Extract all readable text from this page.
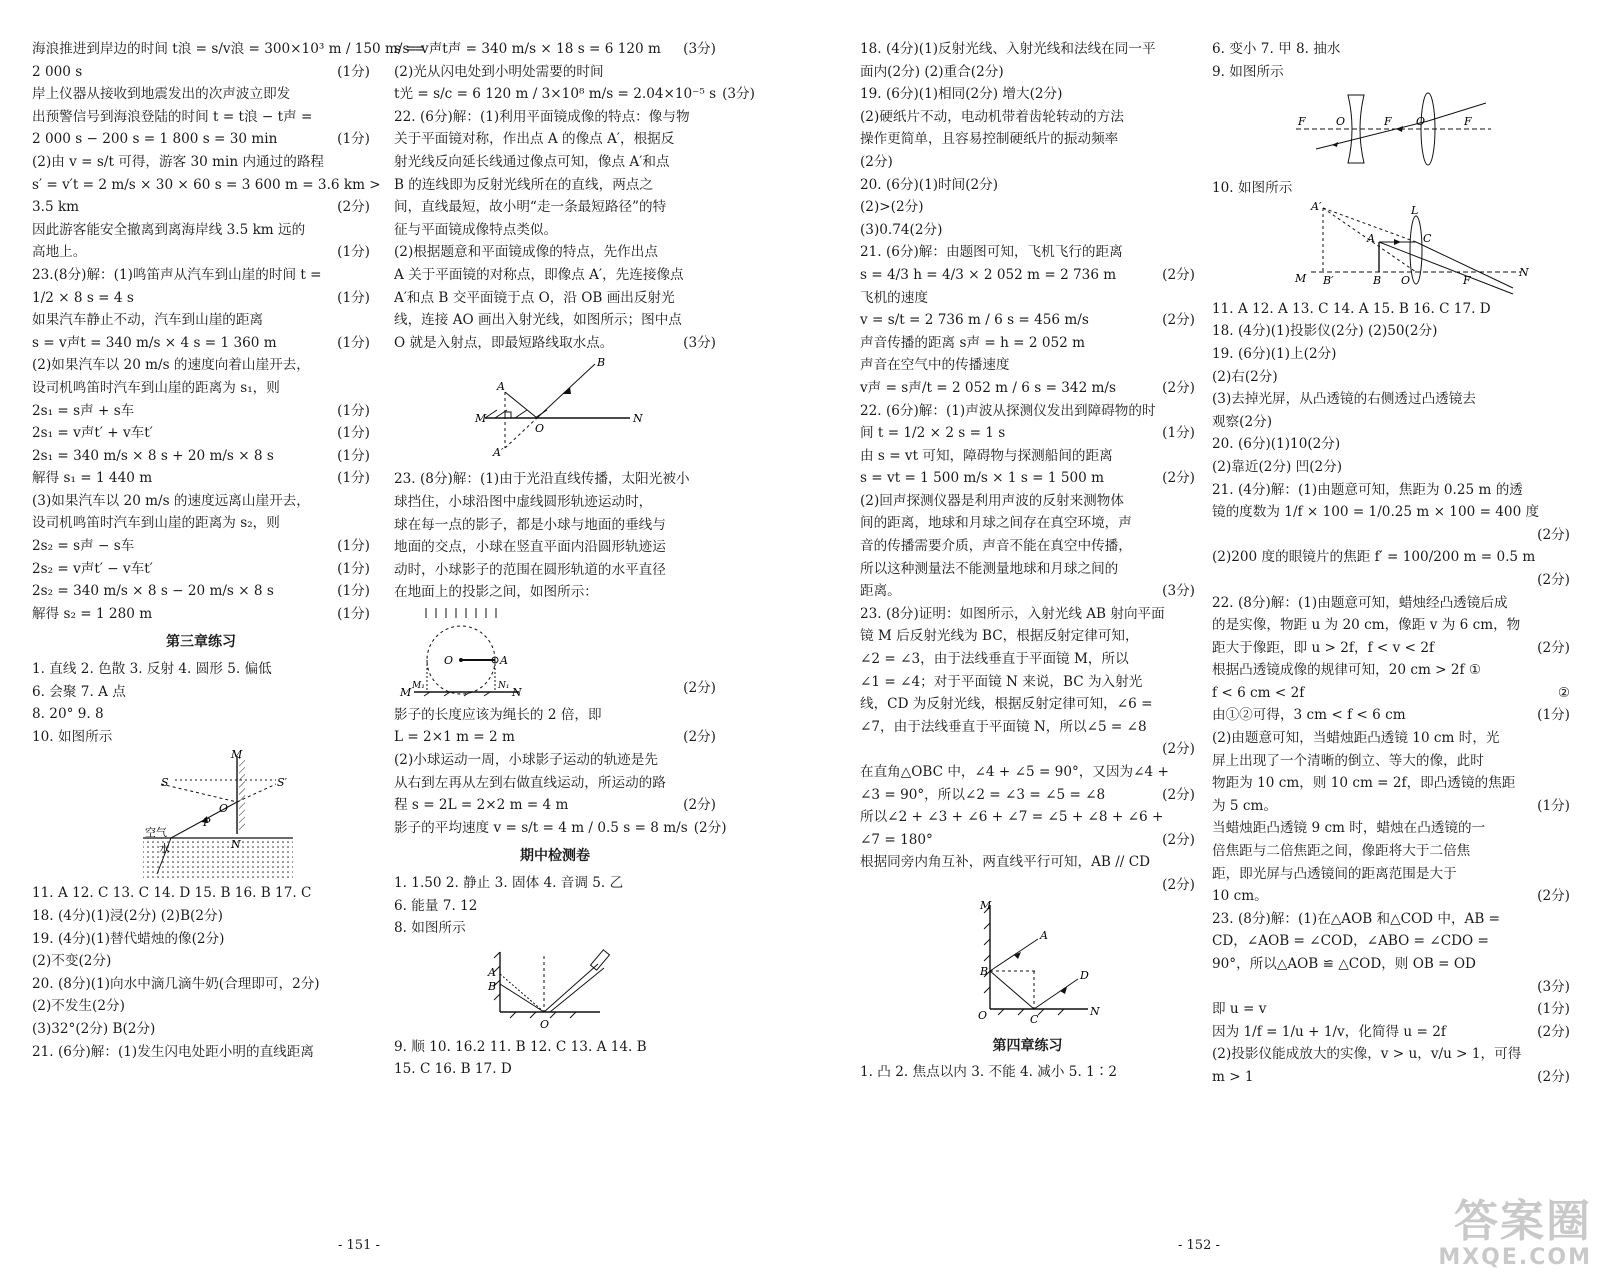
海浪推进到岸边的时间 t浪 = s/v浪 = 300×10³ m / 150 m/s =
2 000 s	(1分)
岸上仪器从接收到地震发出的次声波立即发
出预警信号到海浪登陆的时间 t = t浪 − t声 =
2 000 s − 200 s = 1 800 s = 30 min	(1分)
(2)由 v = s/t 可得，游客 30 min 内通过的路程
s′ = v′t = 2 m/s × 30 × 60 s = 3 600 m = 3.6 km >
3.5 km	(2分)
因此游客能安全撤离到离海岸线 3.5 km 远的
高地上。	(1分)
23.(8分)解：(1)鸣笛声从汽车到山崖的时间 t =
1/2 × 8 s = 4 s	(1分)
如果汽车静止不动，汽车到山崖的距离
s = v声t = 340 m/s × 4 s = 1 360 m	(1分)
(2)如果汽车以 20 m/s 的速度向着山崖开去，
设司机鸣笛时汽车到山崖的距离为 s₁，则
2s₁ = s声 + s车	(1分)
2s₁ = v声t′ + v车t′	(1分)
2s₁ = 340 m/s × 8 s + 20 m/s × 8 s	(1分)
解得 s₁ = 1 440 m	(1分)
(3)如果汽车以 20 m/s 的速度远离山崖开去，
设司机鸣笛时汽车到山崖的距离为 s₂，则
2s₂ = s声 − s车	(1分)
2s₂ = v声t′ − v车t′	(1分)
2s₂ = 340 m/s × 8 s − 20 m/s × 8 s	(1分)
解得 s₂ = 1 280 m	(1分)
第三章练习
1. 直线 2. 色散 3. 反射 4. 圆形 5. 偏低
6. 会聚 7. A 点
8. 20° 9. 8
10. 如图所示
M
N
S	S′
O
P
空气
水
11. A 12. C 13. C 14. D 15. B 16. B 17. C
18. (4分)(1)浸(2分) (2)B(2分)
19. (4分)(1)替代蜡烛的像(2分)
(2)不变(2分)
20. (8分)(1)向水中滴几滴牛奶(合理即可，2分)
(2)不发生(2分)
(3)32°(2分) B(2分)
21. (6分)解：(1)发生闪电处距小明的直线距离
s = v声t声 = 340 m/s × 18 s = 6 120 m	(3分)
(2)光从闪电处到小明处需要的时间
t光 = s/c = 6 120 m / 3×10⁸ m/s = 2.04×10⁻⁵ s (3分)
22. (6分)解：(1)利用平面镜成像的特点：像与物
关于平面镜对称，作出点 A 的像点 A′，根据反
射光线反向延长线通过像点可知，像点 A′和点
B 的连线即为反射光线所在的直线，两点之
间，直线最短，故小明“走一条最短路径”的特
征与平面镜成像特点类似。
(2)根据题意和平面镜成像的特点，先作出点
A 关于平面镜的对称点，即像点 A′，先连接像点
A′和点 B 交平面镜于点 O，沿 OB 画出反射光
线，连接 AO 画出入射光线，如图所示；图中点
O 就是入射点，即最短路线取水点。	(3分)
A
B
M	N
O
A′
23. (8分)解：(1)由于光沿直线传播，太阳光被小
球挡住，小球沿图中虚线圆形轨迹运动时，
球在每一点的影子，都是小球与地面的垂线与
地面的交点，小球在竖直平面内沿圆形轨迹运
动时，小球影子的范围在圆形轨道的水平直径
在地面上的投影之间，如图所示：
O	A
M	N
M₁	N₁	(2分)
影子的长度应该为绳长的 2 倍，即
L = 2×1 m = 2 m	(2分)
(2)小球运动一周，小球影子运动的轨迹是先
从右到左再从左到右做直线运动，所运动的路
程 s = 2L = 2×2 m = 4 m	(2分)
影子的平均速度 v = s/t = 4 m / 0.5 s = 8 m/s (2分)
期中检测卷
1. 1.50 2. 静止 3. 固体 4. 音调 5. 乙
6. 能量 7. 12
8. 如图所示
A
B
O
9. 顺 10. 16.2 11. B 12. C 13. A 14. B
15. C 16. B 17. D
18. (4分)(1)反射光线、入射光线和法线在同一平
面内(2分) (2)重合(2分)
19. (6分)(1)相同(2分) 增大(2分)
(2)硬纸片不动，电动机带着齿轮转动的方法
操作更简单，且容易控制硬纸片的振动频率
(2分)
20. (6分)(1)时间(2分)
(2)>(2分)
(3)0.74(2分)
21. (6分)解：由题图可知，飞机飞行的距离
s = 4/3 h = 4/3 × 2 052 m = 2 736 m	(2分)
飞机的速度
v = s/t = 2 736 m / 6 s = 456 m/s	(2分)
声音传播的距离 s声 = h = 2 052 m
声音在空气中的传播速度
v声 = s声/t = 2 052 m / 6 s = 342 m/s	(2分)
22. (6分)解：(1)声波从探测仪发出到障碍物的时
间 t = 1/2 × 2 s = 1 s	(1分)
由 s = vt 可知，障碍物与探测船间的距离
s = vt = 1 500 m/s × 1 s = 1 500 m	(2分)
(2)回声探测仪器是利用声波的反射来测物体
间的距离，地球和月球之间存在真空环境，声
音的传播需要介质，声音不能在真空中传播，
所以这种测量法不能测量地球和月球之间的
距离。	(3分)
23. (8分)证明：如图所示，入射光线 AB 射向平面
镜 M 后反射光线为 BC，根据反射定律可知，
∠2 = ∠3，由于法线垂直于平面镜 M，所以
∠1 = ∠4；对于平面镜 N 来说，BC 为入射光
线，CD 为反射光线，根据反射定律可知，∠6 =
∠7，由于法线垂直于平面镜 N，所以∠5 = ∠8
(2分)
在直角△OBC 中，∠4 + ∠5 = 90°，又因为∠4 +
∠3 = 90°，所以∠2 = ∠3 = ∠5 = ∠8	(2分)
所以∠2 + ∠3 + ∠6 + ∠7 = ∠5 + ∠8 + ∠6 +
∠7 = 180°	(2分)
根据同旁内角互补，两直线平行可知，AB // CD
(2分)
M
A
B
C
D
N
O
第四章练习
1. 凸 2. 焦点以内 3. 不能 4. 减小 5. 1∶2
6. 变小 7. 甲 8. 抽水
9. 如图所示
F	O	F O	F
10. 如图所示
A′	L
C
A
M B′	B O	F
N
11. A 12. A 13. C 14. A 15. B 16. C 17. D
18. (4分)(1)投影仪(2分) (2)50(2分)
19. (6分)(1)上(2分)
(2)右(2分)
(3)去掉光屏，从凸透镜的右侧透过凸透镜去
观察(2分)
20. (6分)(1)10(2分)
(2)靠近(2分) 凹(2分)
21. (4分)解：(1)由题意可知，焦距为 0.25 m 的透
镜的度数为 1/f × 100 = 1/0.25 m × 100 = 400 度
(2分)
(2)200 度的眼镜片的焦距 f′ = 100/200 m = 0.5 m
(2分)
22. (8分)解：(1)由题意可知，蜡烛经凸透镜后成
的是实像，物距 u 为 20 cm，像距 v 为 6 cm，物
距大于像距，即 u > 2f，f < v < 2f	(2分)
根据凸透镜成像的规律可知，20 cm > 2f ①
f < 6 cm < 2f	②
由①②可得，3 cm < f < 6 cm	(1分)
(2)由题意可知，当蜡烛距凸透镜 10 cm 时，光
屏上出现了一个清晰的倒立、等大的像，此时
物距为 10 cm，则 10 cm = 2f，即凸透镜的焦距
为 5 cm。	(1分)
当蜡烛距凸透镜 9 cm 时，蜡烛在凸透镜的一
倍焦距与二倍焦距之间，像距将大于二倍焦
距，即光屏与凸透镜间的距离范围是大于
10 cm。	(2分)
23. (8分)解：(1)在△AOB 和△COD 中，AB =
CD，∠AOB = ∠COD，∠ABO = ∠CDO =
90°，所以△AOB ≌ △COD，则 OB = OD
(3分)
即 u = v	(1分)
因为 1/f = 1/u + 1/v，化简得 u = 2f	(2分)
(2)投影仪能成放大的实像，v > u，v/u > 1，可得
m > 1	(2分)
- 151 -	- 152 -	答案圈
MXQE.COM
